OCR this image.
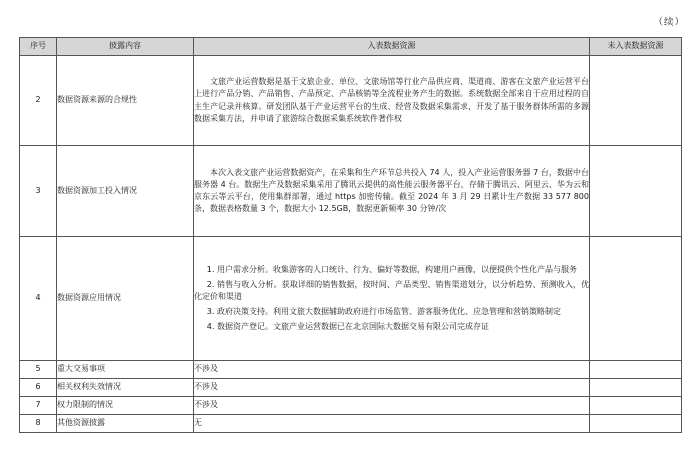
（续）
序号	披露内容	入表数据资源	未入表数据资源
2	数据资源来源的合规性	文旅产业运营数据是基于文旅企业、单位、文旅场馆等行业产品供应商、渠道商、游客在文旅产业运营平台上进行产品分销、产品销售、产品预定、产品核销等全流程业务产生的数据。系统数据全部来自于应用过程的自主生产记录并核算。研发团队基于产业运营平台的生成、经营及数据采集需求，开发了基于服务群体所需的多源数据采集方法，并申请了旅游综合数据采集系统软件著作权	

3	数据资源加工投入情况	本次入表文旅产业运营数据资产，在采集和生产环节总共投入 74 人，投入产业运营服务器 7 台，数据中台服务器 4 台。数据生产及数据采集采用了腾讯云提供的高性能云服务器平台，存储于腾讯云、阿里云、华为云和京东云等云平台，使用集群部署，通过 https 加密传输。截至 2024 年 3 月 29 日累计生产数据 33 577 800 条，数据表格数量 3 个，数据大小 12.5GB，数据更新频率 30 分钟/次	

4	数据资源应用情况	1. 用户需求分析。收集游客的人口统计、行为、偏好等数据，构建用户画像，以便提供个性化产品与服务

2. 销售与收入分析。获取详细的销售数据，按时间、产品类型、销售渠道划分，以分析趋势、预测收入，优化定价和渠道

3. 政府决策支持。利用文旅大数据辅助政府进行市场监管、游客服务优化、应急管理和营销策略制定

4. 数据资产登记。文旅产业运营数据已在北京国际大数据交易有限公司完成存证	

5	重大交易事项	不涉及	
6	相关权利失效情况	不涉及	
7	权力限制的情况	不涉及	
8	其他资源披露	无	
